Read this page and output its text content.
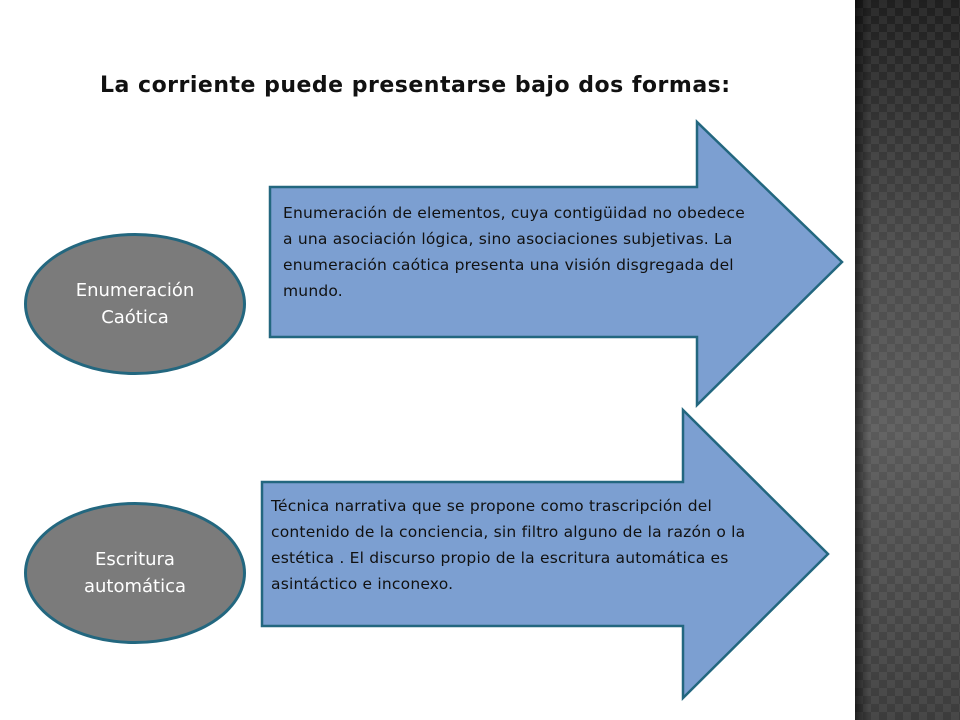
La corriente puede presentarse bajo dos formas:
Enumeración Caótica

Enumeración de elementos, cuya contigüidad no obedece a una asociación lógica, sino asociaciones subjetivas. La enumeración caótica presenta una visión disgregada del mundo.

Escritura automática

Técnica narrativa que se propone como trascripción del contenido de la conciencia, sin filtro alguno de la razón o la estética . El discurso propio de la escritura automática es asintáctico e inconexo.
